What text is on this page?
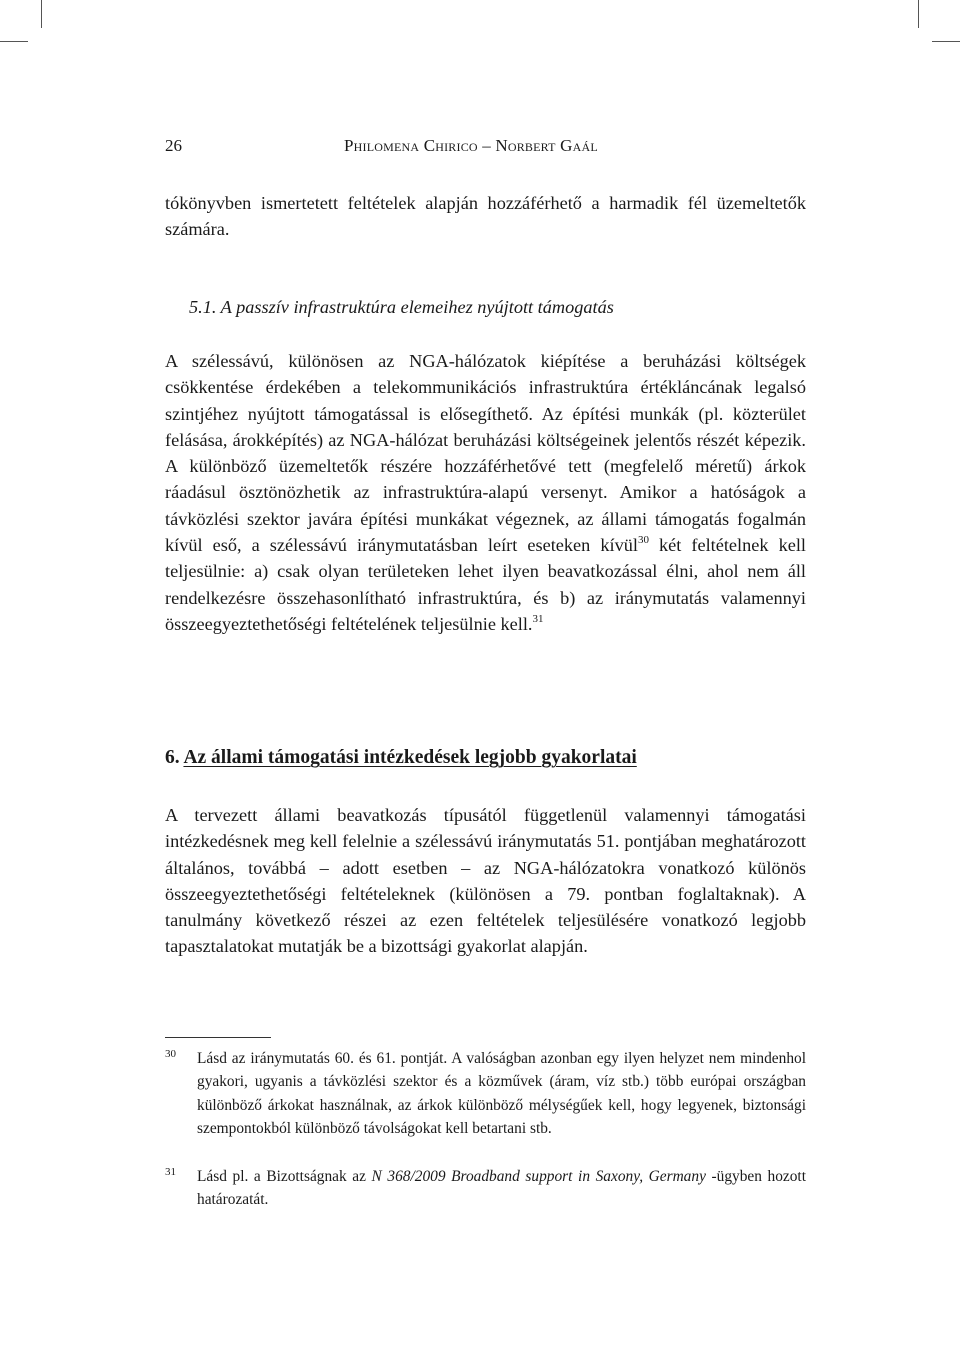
26	Philomena Chirico – Norbert Gaál

tókönyvben ismertetett feltételek alapján hozzáférhető a harmadik fél üzemeltetők számára.

5.1. A passzív infrastruktúra elemeihez nyújtott támogatás

A szélessávú, különösen az NGA-hálózatok kiépítése a beruházási költségek csökkentése érdekében a telekommunikációs infrastruktúra értékláncának legalsó szintjéhez nyújtott támogatással is elősegíthető. Az építési munkák (pl. közterület felásása, árokképítés) az NGA-hálózat beruházási költségeinek jelentős részét képezik. A különböző üzemeltetők részére hozzáférhetővé tett (megfelelő méretű) árkok ráadásul ösztönözhetik az infrastruktúra-alapú versenyt. Amikor a hatóságok a távközlési szektor javára építési munkákat végeznek, az állami támogatás fogalmán kívül eső, a szélessávú iránymutatásban leírt eseteken kívül$^{30}$ két feltételnek kell teljesülnie: a) csak olyan területeken lehet ilyen beavatkozással élni, ahol nem áll rendelkezésre összehasonlítható infrastruktúra, és b) az iránymutatás valamennyi összeegyeztethetőségi feltételének teljesülnie kell.$^{31}$

6. Az állami támogatási intézkedések legjobb gyakorlatai

A tervezett állami beavatkozás típusától függetlenül valamennyi támogatási intézkedésnek meg kell felelnie a szélessávú iránymutatás 51. pontjában meghatározott általános, továbbá – adott esetben – az NGA-hálózatokra vonatkozó különös összeegyeztethetőségi feltételeknek (különösen a 79. pontban foglaltaknak). A tanulmány következő részei az ezen feltételek teljesülésére vonatkozó legjobb tapasztalatokat mutatják be a bizottsági gyakorlat alapján.

30 Lásd az iránymutatás 60. és 61. pontját. A valóságban azonban egy ilyen helyzet nem mindenhol gyakori, ugyanis a távközlési szektor és a közművek (áram, víz stb.) több európai országban különböző árkokat használnak, az árkok különböző mélységűek kell, hogy legyenek, biztonsági szempontokból különböző távolságokat kell betartani stb.
31 Lásd pl. a Bizottságnak az N 368/2009 Broadband support in Saxony, Germany -ügyben hozott határozatát.
